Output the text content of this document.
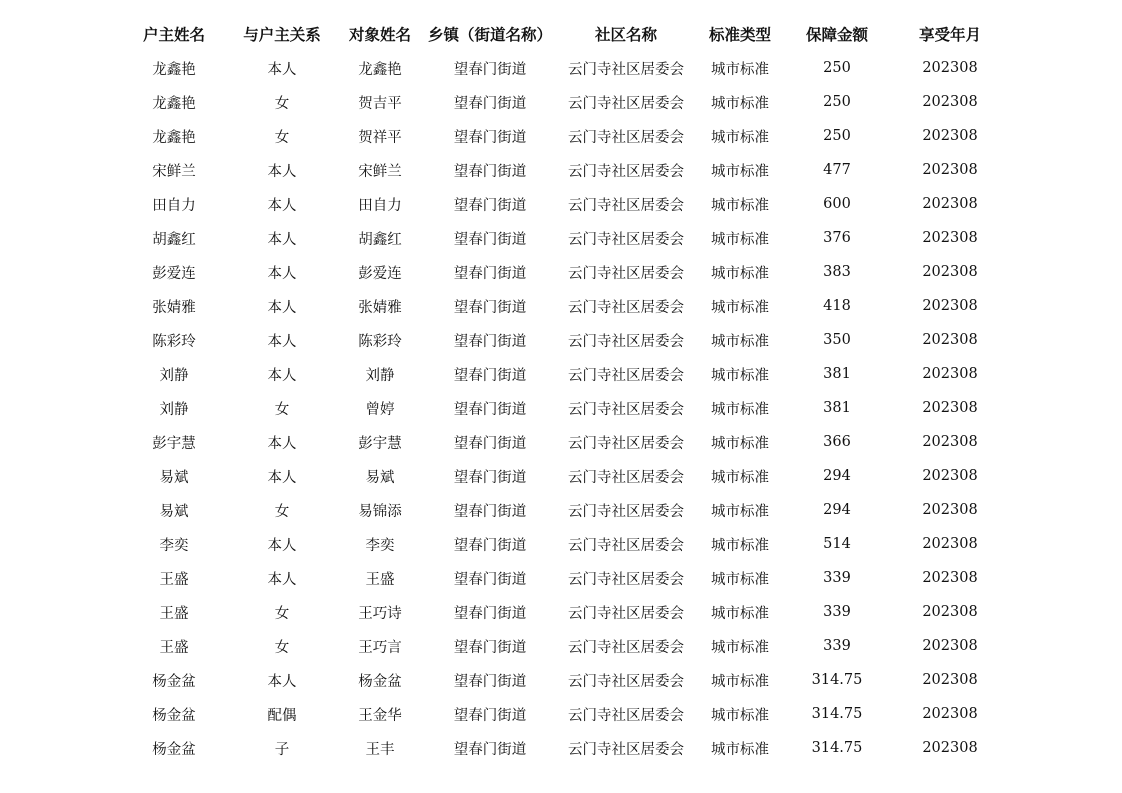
户主姓名	与户主关系	对象姓名	乡镇（街道名称）	社区名称	标准类型	保障金额	享受年月
龙鑫艳	本人	龙鑫艳	望春门街道	云门寺社区居委会	城市标准	250	202308
龙鑫艳	女	贺吉平	望春门街道	云门寺社区居委会	城市标准	250	202308
龙鑫艳	女	贺祥平	望春门街道	云门寺社区居委会	城市标准	250	202308
宋鲜兰	本人	宋鲜兰	望春门街道	云门寺社区居委会	城市标准	477	202308
田自力	本人	田自力	望春门街道	云门寺社区居委会	城市标准	600	202308
胡鑫红	本人	胡鑫红	望春门街道	云门寺社区居委会	城市标准	376	202308
彭爱连	本人	彭爱连	望春门街道	云门寺社区居委会	城市标准	383	202308
张婧雅	本人	张婧雅	望春门街道	云门寺社区居委会	城市标准	418	202308
陈彩玲	本人	陈彩玲	望春门街道	云门寺社区居委会	城市标准	350	202308
刘静	本人	刘静	望春门街道	云门寺社区居委会	城市标准	381	202308
刘静	女	曾婷	望春门街道	云门寺社区居委会	城市标准	381	202308
彭宇慧	本人	彭宇慧	望春门街道	云门寺社区居委会	城市标准	366	202308
易斌	本人	易斌	望春门街道	云门寺社区居委会	城市标准	294	202308
易斌	女	易锦添	望春门街道	云门寺社区居委会	城市标准	294	202308
李奕	本人	李奕	望春门街道	云门寺社区居委会	城市标准	514	202308
王盛	本人	王盛	望春门街道	云门寺社区居委会	城市标准	339	202308
王盛	女	王巧诗	望春门街道	云门寺社区居委会	城市标准	339	202308
王盛	女	王巧言	望春门街道	云门寺社区居委会	城市标准	339	202308
杨金盆	本人	杨金盆	望春门街道	云门寺社区居委会	城市标准	314.75	202308
杨金盆	配偶	王金华	望春门街道	云门寺社区居委会	城市标准	314.75	202308
杨金盆	子	王丰	望春门街道	云门寺社区居委会	城市标准	314.75	202308
